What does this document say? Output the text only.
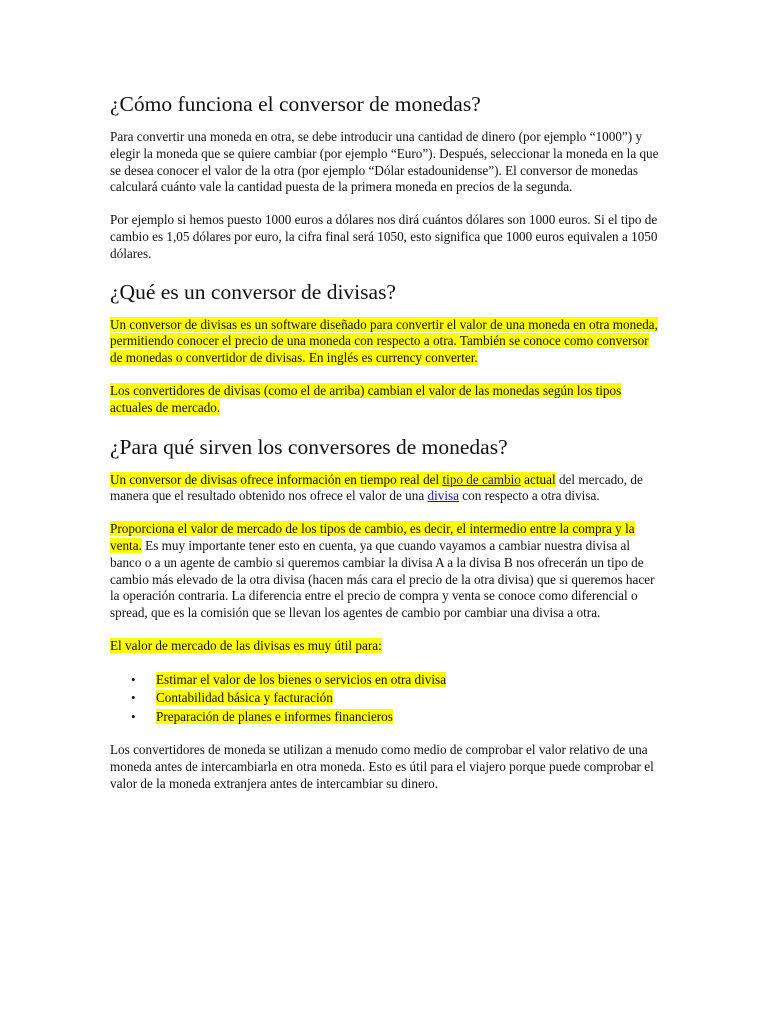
¿Cómo funciona el conversor de monedas?

Para convertir una moneda en otra, se debe introducir una cantidad de dinero (por ejemplo “1000”) y elegir la moneda que se quiere cambiar (por ejemplo “Euro”). Después, seleccionar la moneda en la que se desea conocer el valor de la otra (por ejemplo “Dólar estadounidense”). El conversor de monedas calculará cuánto vale la cantidad puesta de la primera moneda en precios de la segunda.

Por ejemplo si hemos puesto 1000 euros a dólares nos dirá cuántos dólares son 1000 euros. Si el tipo de cambio es 1,05 dólares por euro, la cifra final será 1050, esto significa que 1000 euros equivalen a 1050 dólares.

¿Qué es un conversor de divisas?

Un conversor de divisas es un software diseñado para convertir el valor de una moneda en otra moneda, permitiendo conocer el precio de una moneda con respecto a otra. También se conoce como conversor de monedas o convertidor de divisas. En inglés es currency converter.

Los convertidores de divisas (como el de arriba) cambian el valor de las monedas según los tipos actuales de mercado.

¿Para qué sirven los conversores de monedas?

Un conversor de divisas ofrece información en tiempo real del tipo de cambio actual del mercado, de manera que el resultado obtenido nos ofrece el valor de una divisa con respecto a otra divisa.

Proporciona el valor de mercado de los tipos de cambio, es decir, el intermedio entre la compra y la venta. Es muy importante tener esto en cuenta, ya que cuando vayamos a cambiar nuestra divisa al banco o a un agente de cambio si queremos cambiar la divisa A a la divisa B nos ofrecerán un tipo de cambio más elevado de la otra divisa (hacen más cara el precio de la otra divisa) que si queremos hacer la operación contraria. La diferencia entre el precio de compra y venta se conoce como diferencial o spread, que es la comisión que se llevan los agentes de cambio por cambiar una divisa a otra.

El valor de mercado de las divisas es muy útil para:

• Estimar el valor de los bienes o servicios en otra divisa
• Contabilidad básica y facturación
• Preparación de planes e informes financieros

Los convertidores de moneda se utilizan a menudo como medio de comprobar el valor relativo de una moneda antes de intercambiarla en otra moneda. Esto es útil para el viajero porque puede comprobar el valor de la moneda extranjera antes de intercambiar su dinero.
